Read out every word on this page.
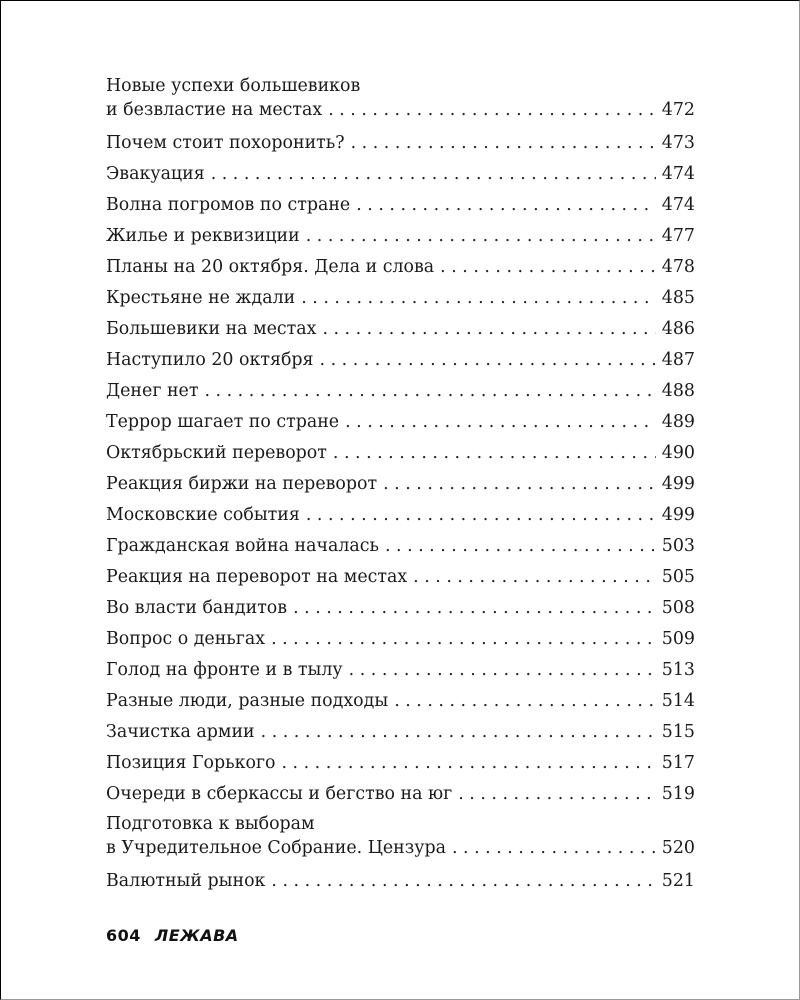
Новые успехи большевиков
и безвластие на местах . . .	472
Почем стоит похоронить? . . .	473
Эвакуация . . .	474
Волна погромов по стране . . .	474
Жилье и реквизиции . . .	477
Планы на 20 октября. Дела и слова . . .	478
Крестьяне не ждали . . .	485
Большевики на местах . . .	486
Наступило 20 октября . . .	487
Денег нет . . .	488
Террор шагает по стране . . .	489
Октябрьский переворот . . .	490
Реакция биржи на переворот . . .	499
Московские события . . .	499
Гражданская война началась . . .	503
Реакция на переворот на местах . . .	505
Во власти бандитов . . .	508
Вопрос о деньгах . . .	509
Голод на фронте и в тылу . . .	513
Разные люди, разные подходы . . .	514
Зачистка армии . . .	515
Позиция Горького . . .	517
Очереди в сберкассы и бегство на юг . . .	519
Подготовка к выборам
в Учредительное Собрание. Цензура . . .	520
Валютный рынок . . .	521
604 ЛЕЖАВА
